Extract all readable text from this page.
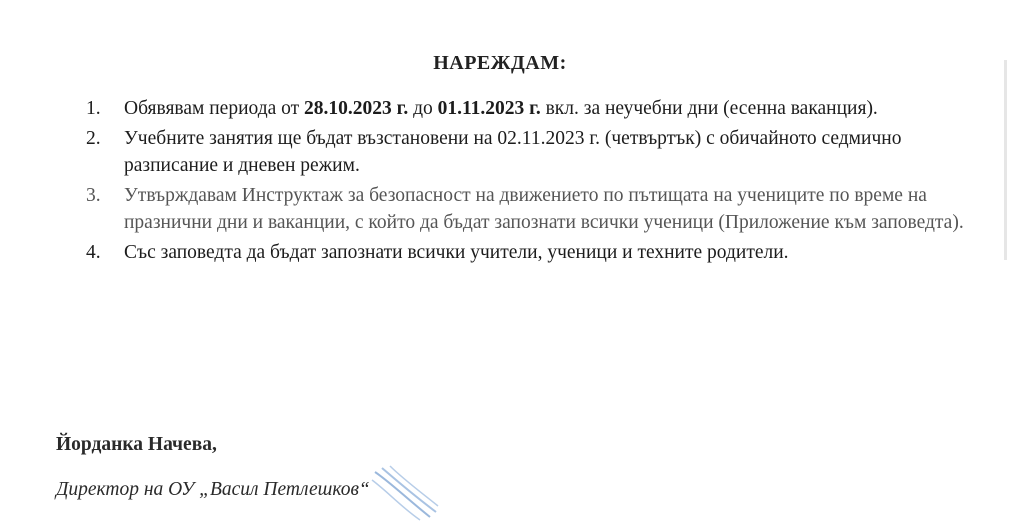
НАРЕЖДАМ:
1. Обявявам периода от 28.10.2023 г. до 01.11.2023 г. вкл. за неучебни дни (есенна ваканция).
2. Учебните занятия ще бъдат възстановени на 02.11.2023 г. (четвъртък) с обичайното седмично разписание и дневен режим.
3. Утвърждавам Инструктаж за безопасност на движението по пътищата на учениците по време на празнични дни и ваканции, с който да бъдат запознати всички ученици (Приложение към заповедта).
4. Със заповедта да бъдат запознати всички учители, ученици и техните родители.
Йорданка Начева,
Директор на ОУ „Васил Петлешков“
